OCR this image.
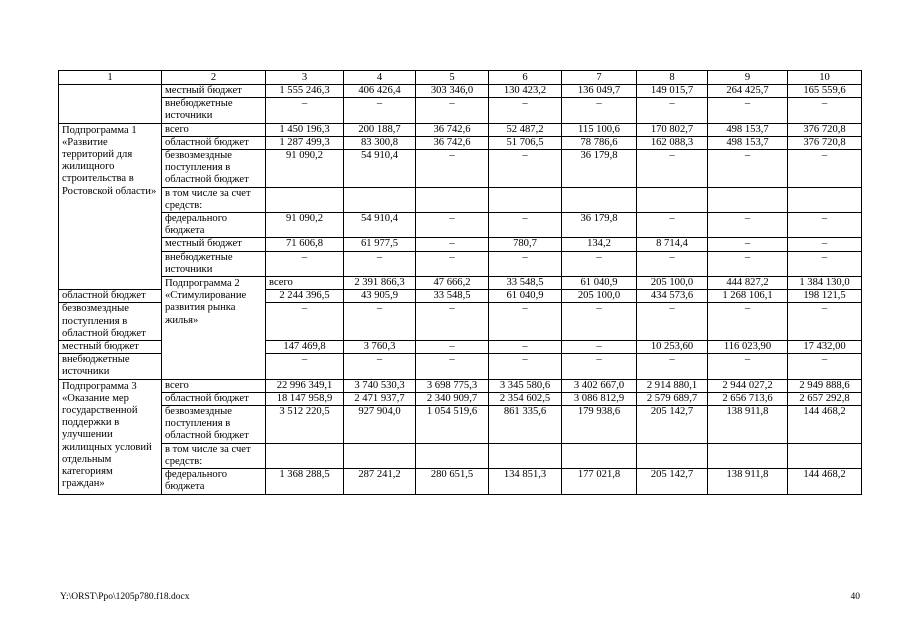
1	2	3	4	5	6	7	8	9	10	
	местный бюджет	1 555 246,3	406 426,4	303 346,0	130 423,2	136 049,7	149 015,7	264 425,7	165 559,6	
	внебюджетные источники	–	–	–	–	–	–	–	–	
Подпрограмма 1 «Развитие территорий для жилищного строительства в Ростовской области»	всего	1 450 196,3	200 188,7	36 742,6	52 487,2	115 100,6	170 802,7	498 153,7	376 720,8	
	областной бюджет	1 287 499,3	83 300,8	36 742,6	51 706,5	78 786,6	162 088,3	498 153,7	376 720,8	
	безвозмездные поступления в областной бюджет	91 090,2	54 910,4	–	–	36 179,8	–	–	–	
	в том числе за счет средств:									
	федерального бюджета	91 090,2	54 910,4	–	–	36 179,8	–	–	–	
	местный бюджет	71 606,8	61 977,5	–	780,7	134,2	8 714,4	–	–	
	внебюджетные источники	–	–	–	–	–	–	–	–	
	Подпрограмма 2 «Стимулирование развития рынка жилья»	всего	2 391 866,3	47 666,2	33 548,5	61 040,9	205 100,0	444 827,2	1 384 130,0	
областной бюджет		2 244 396,5	43 905,9	33 548,5	61 040,9	205 100,0	434 573,6	1 268 106,1	198 121,5	
безвозмездные поступления в областной бюджет		–	–	–	–	–	–	–	–	
местный бюджет		147 469,8	3 760,3	–	–	–	10 253,60	116 023,90	17 432,00	
внебюджетные источники		–	–	–	–	–	–	–	–	
Подпрограмма 3 «Оказание мер государственной поддержки в улучшении жилищных условий отдельным категориям граждан»	всего	22 996 349,1	3 740 530,3	3 698 775,3	3 345 580,6	3 402 667,0	2 914 880,1	2 944 027,2	2 949 888,6	
	областной бюджет	18 147 958,9	2 471 937,7	2 340 909,7	2 354 602,5	3 086 812,9	2 579 689,7	2 656 713,6	2 657 292,8	
	безвозмездные поступления в областной бюджет	3 512 220,5	927 904,0	1 054 519,6	861 335,6	179 938,6	205 142,7	138 911,8	144 468,2	
	в том числе за счет средств:									
	федерального бюджета	1 368 288,5	287 241,2	280 651,5	134 851,3	177 021,8	205 142,7	138 911,8	144 468,2	
Y:\ORST\Ppo\1205p780.f18.docx	40
